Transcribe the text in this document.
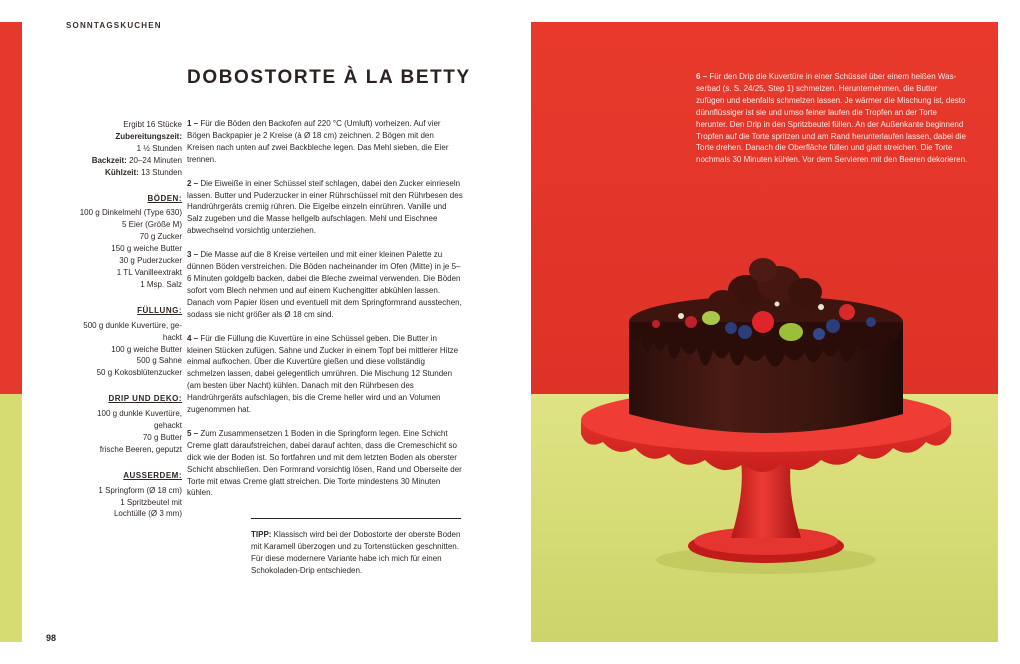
SONNTAGSKUCHEN
DOBOSTORTE À LA BETTY

Ergibt 16 Stücke

Zubereitungszeit:

1 ½ Stunden

Backzeit: 20–24 Minuten

Kühlzeit: 13 Stunden

BÖDEN:

100 g Dinkelmehl (Type 630)

5 Eier (Größe M)

70 g Zucker

150 g weiche Butter

30 g Puderzucker

1 TL Vanilleextrakt

1 Msp. Salz

FÜLLUNG:

500 g dunkle Kuvertüre, ge-

hackt

100 g weiche Butter

500 g Sahne

50 g Kokosblütenzucker

DRIP UND DEKO:

100 g dunkle Kuvertüre,

gehackt

70 g Butter

frische Beeren, geputzt

AUSSERDEM:

1 Springform (Ø 18 cm)

1 Spritzbeutel mit

Lochtülle (Ø 3 mm)

1 – Für die Böden den Backofen auf 220 °C (Umluft) vorheizen. Auf vier Bögen Backpapier je 2 Kreise (à Ø 18 cm) zeichnen. 2 Bögen mit den Kreisen nach unten auf zwei Backbleche legen. Das Mehl sieben, die Eier trennen.

2 – Die Eiweiße in einer Schüssel steif schlagen, dabei den Zucker einrieseln lassen. Butter und Puderzucker in einer Rührschüssel mit den Rührbesen des Handrührgeräts cremig rühren. Die Eigelbe einzeln einrühren. Vanille und Salz zugeben und die Masse hellgelb aufschlagen. Mehl und Eischnee abwechselnd vorsichtig unterziehen.

3 – Die Masse auf die 8 Kreise verteilen und mit einer kleinen Palette zu dünnen Böden verstreichen. Die Böden nacheinander im Ofen (Mitte) in je 5–6 Minuten goldgelb backen, dabei die Bleche zweimal verwenden. Die Böden sofort vom Blech nehmen und auf einem Kuchengitter abkühlen lassen. Danach vom Papier lösen und eventuell mit dem Springformrand ausstechen, sodass sie nicht größer als Ø 18 cm sind.

4 – Für die Füllung die Kuvertüre in eine Schüssel geben. Die Butter in kleinen Stücken zufügen. Sahne und Zucker in einem Topf bei mittlerer Hitze einmal aufkochen. Über die Kuvertüre gießen und diese vollständig schmelzen lassen, dabei gelegentlich umrühren. Die Mischung 12 Stunden (am besten über Nacht) kühlen. Danach mit den Rührbesen des Handrührgeräts aufschlagen, bis die Creme heller wird und an Volumen zugenommen hat.

5 – Zum Zusammensetzen 1 Boden in die Springform legen. Eine Schicht Creme glatt daraufstreichen, dabei darauf achten, dass die Cremeschicht so dick wie der Boden ist. So fortfahren und mit dem letzten Boden als oberster Schicht abschließen. Den Formrand vorsichtig lösen, Rand und Oberseite der Torte mit etwas Creme glatt streichen. Die Torte mindestens 30 Minuten kühlen.

TIPP: Klassisch wird bei der Dobostorte der oberste Boden mit Karamell überzogen und zu Tortenstücken geschnitten. Für diese modernere Variante habe ich mich für einen Schokoladen-Drip entschieden.
98
6 – Für den Drip die Kuvertüre in einer Schüssel über einem heißen Wasserbad (s. S. 24/25, Step 1) schmelzen. Herunternehmen, die Butter zufügen und ebenfalls schmelzen lassen. Je wärmer die Mischung ist, desto dünnflüssiger ist sie und umso feiner laufen die Tropfen an der Torte herunter. Den Drip in den Spritzbeutel füllen. An der Außenkante beginnend Tropfen auf die Torte spritzen und am Rand herunterlaufen lassen, dabei die Torte drehen. Danach die Oberfläche füllen und glatt streichen. Die Torte nochmals 30 Minuten kühlen. Vor dem Servieren mit den Beeren dekorieren.
